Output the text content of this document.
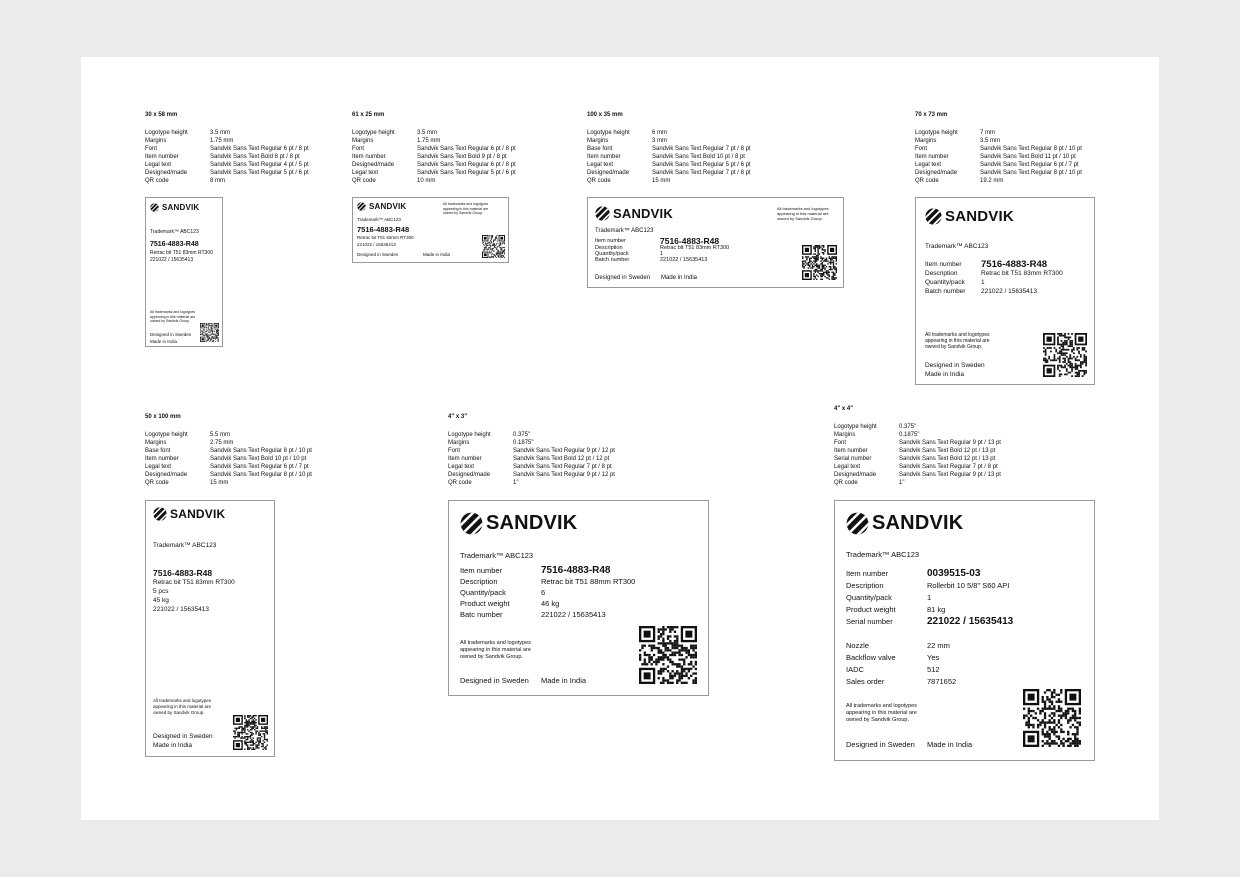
30 x 58 mm
Logotype height	3.5 mm
Margins	1.75 mm
Font	Sandvik Sans Text Regular 6 pt / 8 pt
Item number	Sandvik Sans Text Bold 8 pt / 8 pt
Legal text	Sandvik Sans Text Regular 4 pt / 5 pt
Designed/made	Sandvik Sans Text Regular 5 pt / 6 pt
QR code	8 mm
61 x 25 mm
Logotype height	3.5 mm
Margins	1.75 mm
Font	Sandvik Sans Text Regular 6 pt / 8 pt
Item number	Sandvik Sans Text Bold 9 pt / 8 pt
Designed/made	Sandvik Sans Text Regular 6 pt / 8 pt
Legal text	Sandvik Sans Text Regular 5 pt / 6 pt
QR code	10 mm
100 x 35 mm
Logotype height	6 mm
Margins	3 mm
Base font	Sandvik Sans Text Regular 7 pt / 8 pt
Item number	Sandvik Sans Text Bold 10 pt / 8 pt
Legal text	Sandvik Sans Text Regular 5 pt / 6 pt
Designed/made	Sandvik Sans Text Regular 7 pt / 8 pt
QR code	15 mm
70 x 73 mm
Logotype height	7 mm
Margins	3.5 mm
Font	Sandvik Sans Text Regular 8 pt / 10 pt
Item number	Sandvik Sans Text Bold 11 pt / 10 pt
Legal text	Sandvik Sans Text Regular 6 pt / 7 pt
Designed/made	Sandvik Sans Text Regular 8 pt / 10 pt
QR code	19.2 mm
50 x 100 mm
Logotype height	5.5 mm
Margins	2.75 mm
Base font	Sandvik Sans Text Regular 8 pt / 10 pt
Item number	Sandvik Sans Text Bold 10 pt / 10 pt
Legal text	Sandvik Sans Text Regular 6 pt / 7 pt
Designed/made	Sandvik Sans Text Regular 8 pt / 10 pt
QR code	15 mm
4" x 3"
Logotype height	0.375"
Margins	0.1875"
Font	Sandvik Sans Text Regular 9 pt / 12 pt
Item number	Sandvik Sans Text Bold 12 pt / 12 pt
Legal text	Sandvik Sans Text Regular 7 pt / 8 pt
Designed/made	Sandvik Sans Text Regular 9 pt / 12 pt
QR code	1"
4" x 4"
Logotype height	0.375"
Margins	0.1875"
Font	Sandvik Sans Text Regular 9 pt / 13 pt
Item number	Sandvik Sans Text Bold 12 pt / 13 pt
Serial number	Sandvik Sans Text Bold 12 pt / 13 pt
Legal text	Sandvik Sans Text Regular 7 pt / 8 pt
Designed/made	Sandvik Sans Text Regular 9 pt / 13 pt
QR code	1"
SANDVIK
Trademark™ ABC123
7516-4883-R48
Retrac bit T51 83mm RT300
221022 / 15635413
All trademarks and logotypes
appearing in this material are
owned by Sandvik Group.
Designed in Sweden
Made in India
SANDVIK	All trademarks and logotypes
appearing in this material are
owned by Sandvik Group.
Trademark™ ABC123
7516-4883-R48
Retrac bit T51 83mm RT300
221022 / 15635413
Designed in Sweden	Made in India
SANDVIK	All trademarks and logotypes
appearing in this material are
owned by Sandvik Group.
Trademark™ ABC123
Item number	7516-4883-R48
Description	Retrac bit T51 83mm RT300
Quantity/pack	1
Batch number	221022 / 15635413
Designed in Sweden Made in India
SANDVIK
Trademark™ ABC123
Item number	7516-4883-R48
Description	Retrac bit T51 83mm RT300
Quantity/pack	1
Batch number	221022 / 15635413
All trademarks and logotypes
appearing in this material are
owned by Sandvik Group.
Designed in Sweden
Made in India
SANDVIK
Trademark™ ABC123
7516-4883-R48
Retrac bit T51 83mm RT300
5 pcs
45 kg
221022 / 15635413
All trademarks and logotypes
appearing in this material are
owned by Sandvik Group.
Designed in Sweden
Made in India
SANDVIK
Trademark™ ABC123
Item number	7516-4883-R48
Description	Retrac bit T51 88mm RT300
Quantity/pack	6
Product weight	46 kg
Batc number	221022 / 15635413
All trademarks and logotypes
appearing in this material are
owned by Sandvik Group.
Designed in Sweden Made in India
SANDVIK
Trademark™ ABC123
Item number	0039515-03
Description	Rollerbit 10 5/8" S60 API
Quantity/pack	1
Product weight	81 kg
Serial number	221022 / 15635413
Nozzle	22 mm
Backflow valve	Yes
IADC	512
Sales order	7871652
All trademarks and logotypes
appearing in this material are
owned by Sandvik Group.
Designed in Sweden Made in India
